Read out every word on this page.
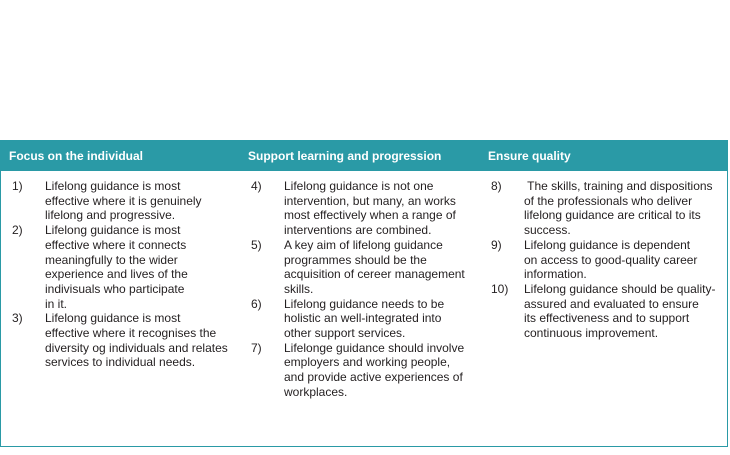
Focus on the individual	Support learning and progression	Ensure quality
1) Lifelong guidance is most
effective where it is genuinely
lifelong and progressive.
2) Lifelong guidance is most
effective where it connects
meaningfully to the wider
experience and lives of the
indivisuals who participate
in it.
3) Lifelong guidance is most
effective where it recognises the
diversity og individuals and relates
services to individual needs.
4) Lifelong guidance is not one
intervention, but many, an works
most effectively when a range of
interventions are combined.
5) A key aim of lifelong guidance
programmes should be the
acquisition of cereer management
skills.
6) Lifelong guidance needs to be
holistic an well-integrated into
other support services.
7) Lifelonge guidance should involve
employers and working people,
and provide active experiences of
workplaces.
8) The skills, training and dispositions
of the professionals who deliver
lifelong guidance are critical to its
success.
9) Lifelong guidance is dependent
on access to good-quality career
information.
10) Lifelong guidance should be quality-
assured and evaluated to ensure
its effectiveness and to support
continuous improvement.
